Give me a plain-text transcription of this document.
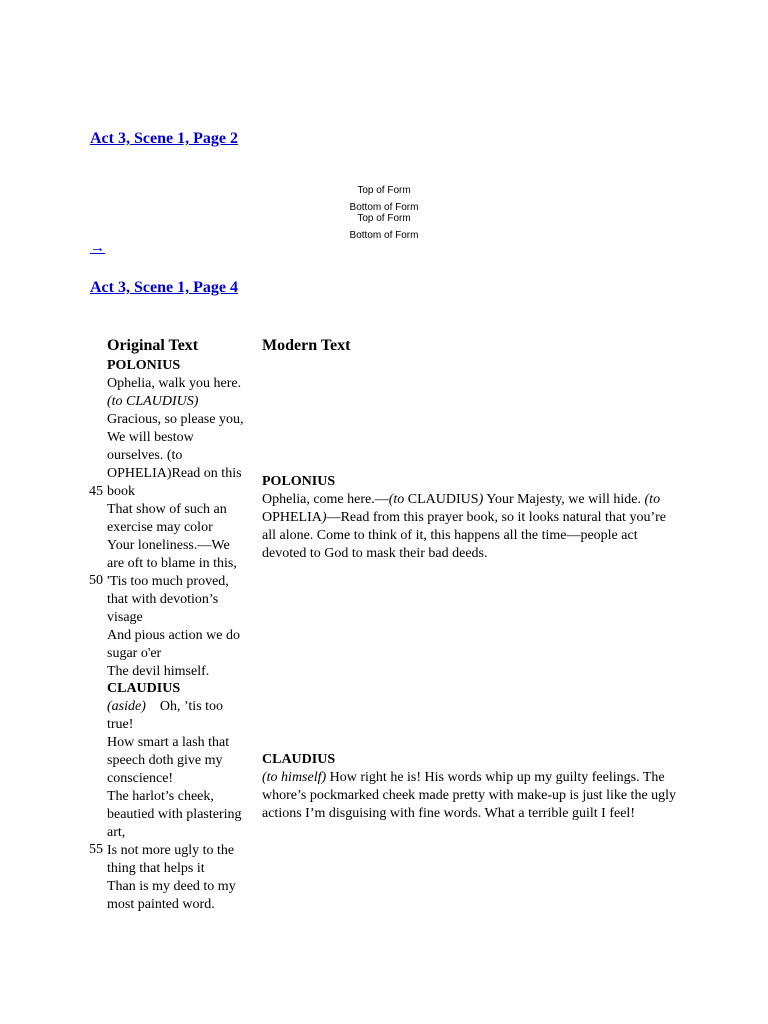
Act 3, Scene 1, Page 2
Top of Form
Bottom of Form
Top of Form
Bottom of Form
→
Act 3, Scene 1, Page 4
Original Text	Modern Text
POLONIUS
Ophelia, walk you here.
(to CLAUDIUS)
Gracious, so please you,
We will bestow
ourselves. (to
OPHELIA)Read on this
book
That show of such an
exercise may color
Your loneliness.—We
are oft to blame in this,
'Tis too much proved,
that with devotion’s
visage
And pious action we do
sugar o'er
The devil himself.
CLAUDIUS
(aside) Oh, ’tis too
true!
How smart a lash that
speech doth give my
conscience!
The harlot’s cheek,
beautied with plastering
art,
Is not more ugly to the
thing that helps it
Than is my deed to my
most painted word.
45
50
55
POLONIUS

Ophelia, come here.—(to CLAUDIUS) Your Majesty, we will hide. (to OPHELIA)—Read from this prayer book, so it looks natural that you’re all alone. Come to think of it, this happens all the time—people act devoted to God to mask their bad deeds.

CLAUDIUS

(to himself) How right he is! His words whip up my guilty feelings. The whore’s pockmarked cheek made pretty with make-up is just like the ugly actions I’m disguising with fine words. What a terrible guilt I feel!
